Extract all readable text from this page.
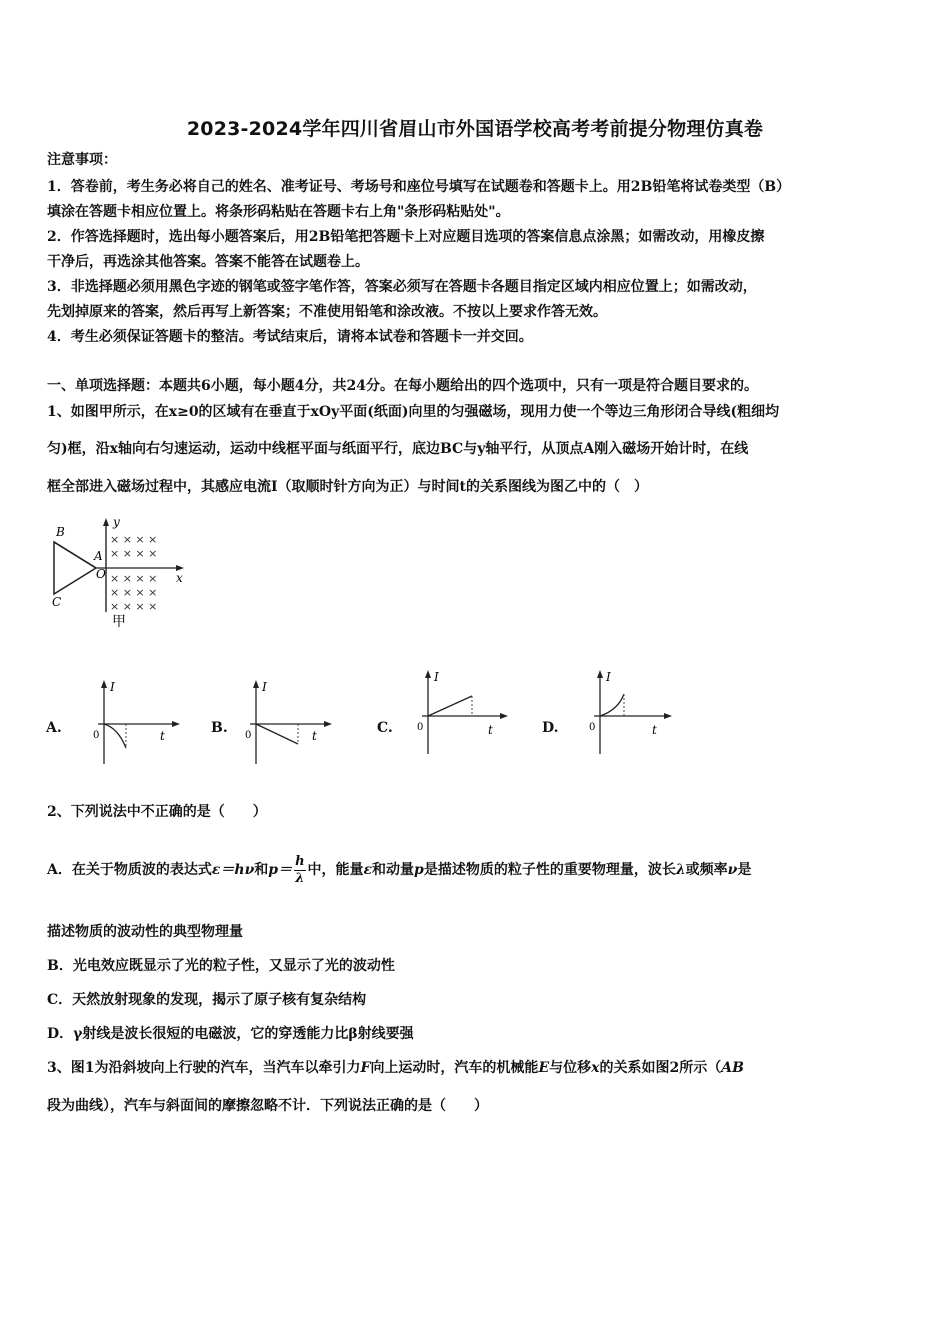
2023-2024学年四川省眉山市外国语学校高考考前提分物理仿真卷
注意事项：
1．答卷前，考生务必将自己的姓名、准考证号、考场号和座位号填写在试题卷和答题卡上。用2B铅笔将试卷类型（B）
填涂在答题卡相应位置上。将条形码粘贴在答题卡右上角"条形码粘贴处"。
2．作答选择题时，选出每小题答案后，用2B铅笔把答题卡上对应题目选项的答案信息点涂黑；如需改动，用橡皮擦
干净后，再选涂其他答案。答案不能答在试题卷上。
3．非选择题必须用黑色字迹的钢笔或签字笔作答，答案必须写在答题卡各题目指定区域内相应位置上；如需改动，
先划掉原来的答案，然后再写上新答案；不准使用铅笔和涂改液。不按以上要求作答无效。
4．考生必须保证答题卡的整洁。考试结束后，请将本试卷和答题卡一并交回。
一、单项选择题：本题共6小题，每小题4分，共24分。在每小题给出的四个选项中，只有一项是符合题目要求的。
1、如图甲所示，在x≥0的区域有在垂直于xOy平面(纸面)向里的匀强磁场，现用力使一个等边三角形闭合导线(粗细均
匀)框，沿x轴向右匀速运动，运动中线框平面与纸面平行，底边BC与y轴平行，从顶点A刚入磁场开始计时，在线
框全部进入磁场过程中，其感应电流I（取顺时针方向为正）与时间t的关系图线为图乙中的（　）
× × × ×
× × × ×
× × × ×
× × × ×
× × × ×
B
A
O
C
x
y
甲
A.
I
t
0	B.
I
t
0	C.
I
t
0	D.
I
t
0
2、下列说法中不正确的是（　　）
A．在关于物质波的表达式ε＝hν和$p= \frac{h}{\lambda}$ 中，能量ε和动量p是描述物质的粒子性的重要物理量，波长λ或频率ν是
描述物质的波动性的典型物理量
B．光电效应既显示了光的粒子性，又显示了光的波动性
C．天然放射现象的发现，揭示了原子核有复杂结构
D．γ射线是波长很短的电磁波，它的穿透能力比β射线要强
3、图1为沿斜坡向上行驶的汽车，当汽车以牵引力F向上运动时，汽车的机械能E与位移x的关系如图2所示（AB
段为曲线），汽车与斜面间的摩擦忽略不计．下列说法正确的是（　　）
